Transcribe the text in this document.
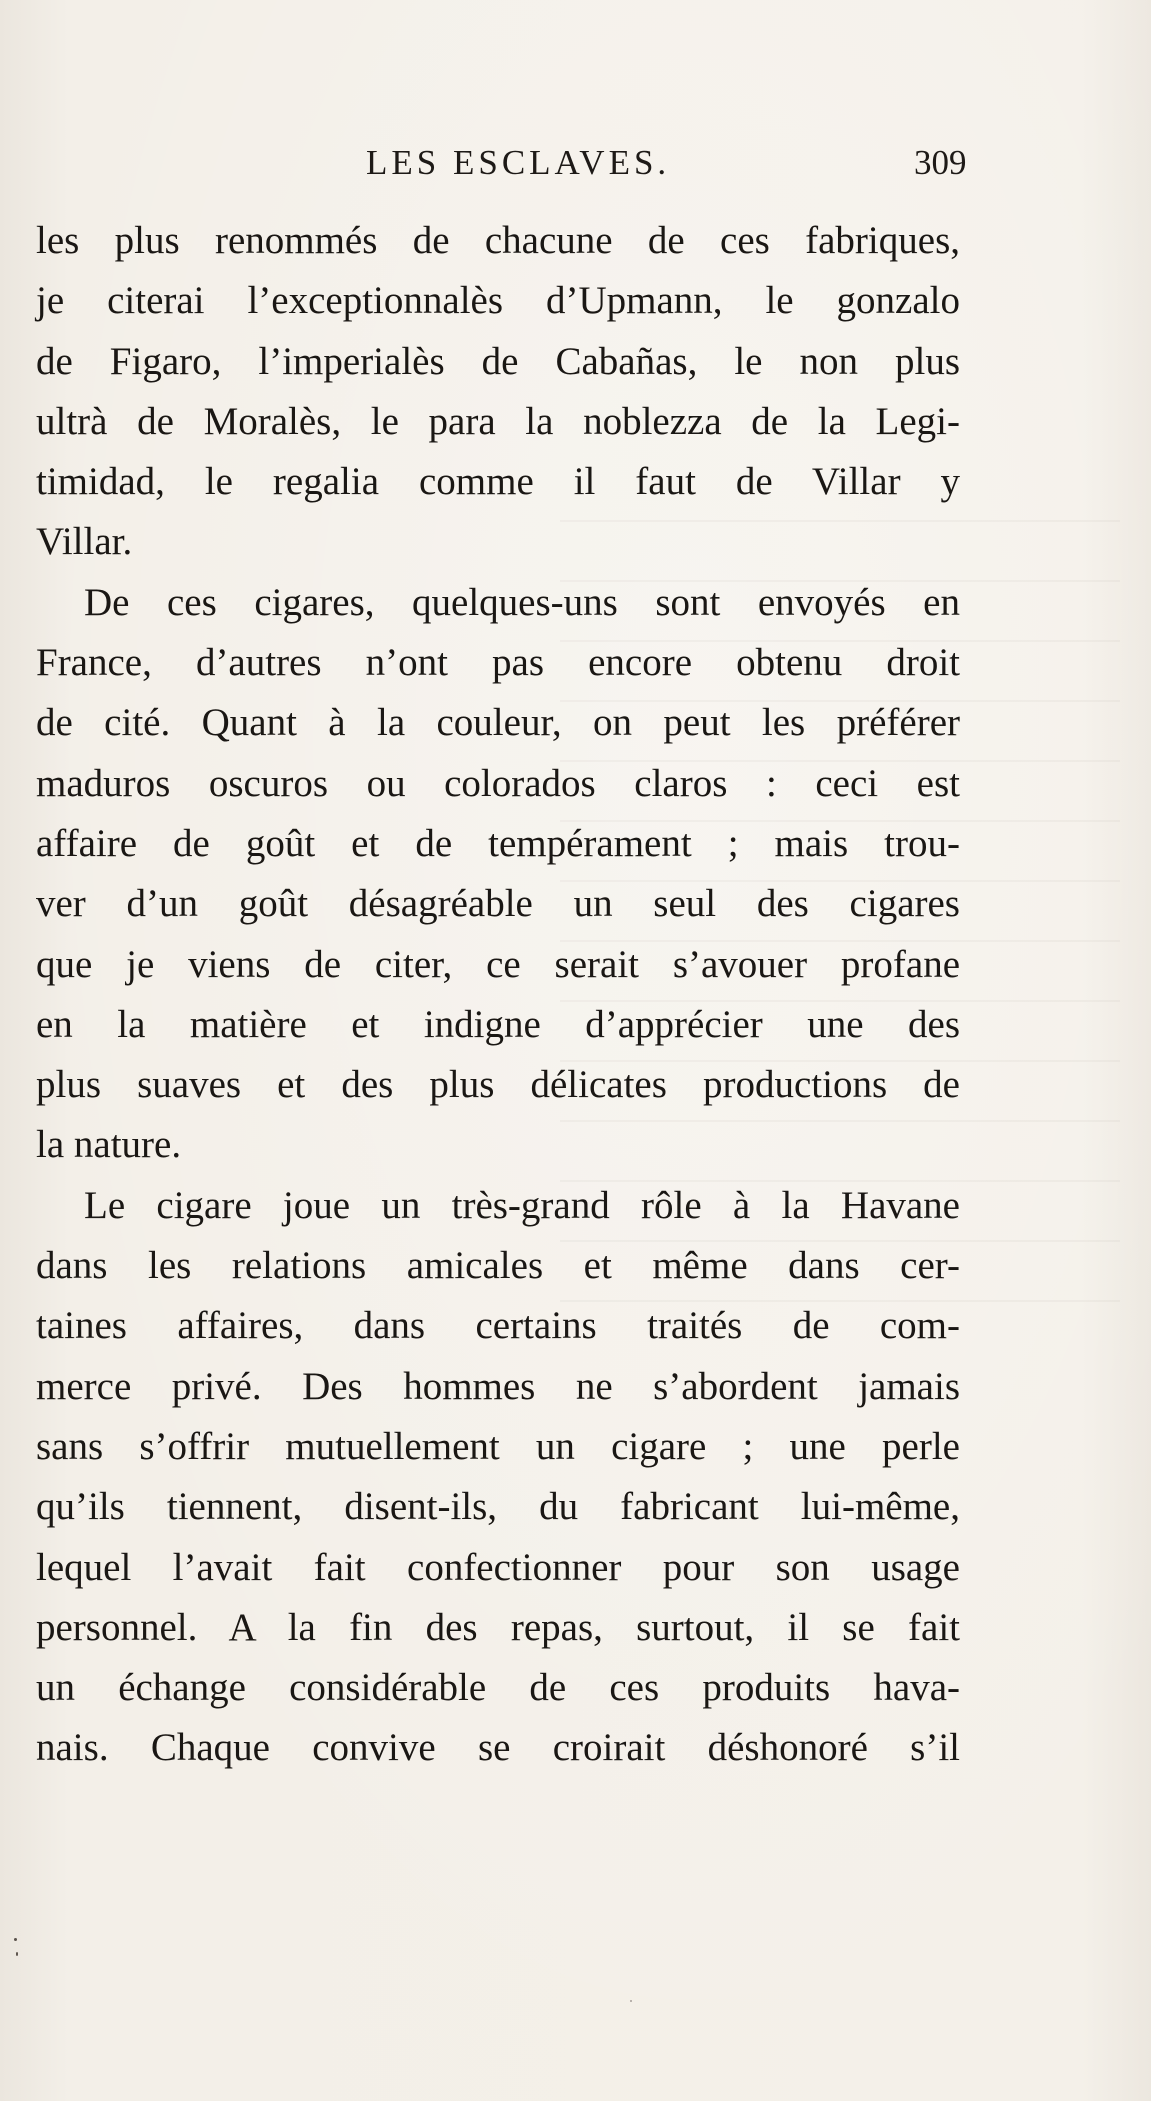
LES ESCLAVES.	309
les plus renommés de chacune de ces fabriques,
je citerai l’exceptionnalès d’Upmann, le gonzalo
de Figaro, l’imperialès de Cabañas, le non plus
ultrà de Moralès, le para la noblezza de la Legi-
timidad, le regalia comme il faut de Villar y
Villar.
De ces cigares, quelques-uns sont envoyés en
France, d’autres n’ont pas encore obtenu droit
de cité. Quant à la couleur, on peut les préférer
maduros oscuros ou colorados claros : ceci est
affaire de goût et de tempérament ; mais trou-
ver d’un goût désagréable un seul des cigares
que je viens de citer, ce serait s’avouer profane
en la matière et indigne d’apprécier une des
plus suaves et des plus délicates productions de
la nature.
Le cigare joue un très-grand rôle à la Havane
dans les relations amicales et même dans cer-
taines affaires, dans certains traités de com-
merce privé. Des hommes ne s’abordent jamais
sans s’offrir mutuellement un cigare ; une perle
qu’ils tiennent, disent-ils, du fabricant lui-même,
lequel l’avait fait confectionner pour son usage
personnel. A la fin des repas, surtout, il se fait
un échange considérable de ces produits hava-
nais. Chaque convive se croirait déshonoré s’il
